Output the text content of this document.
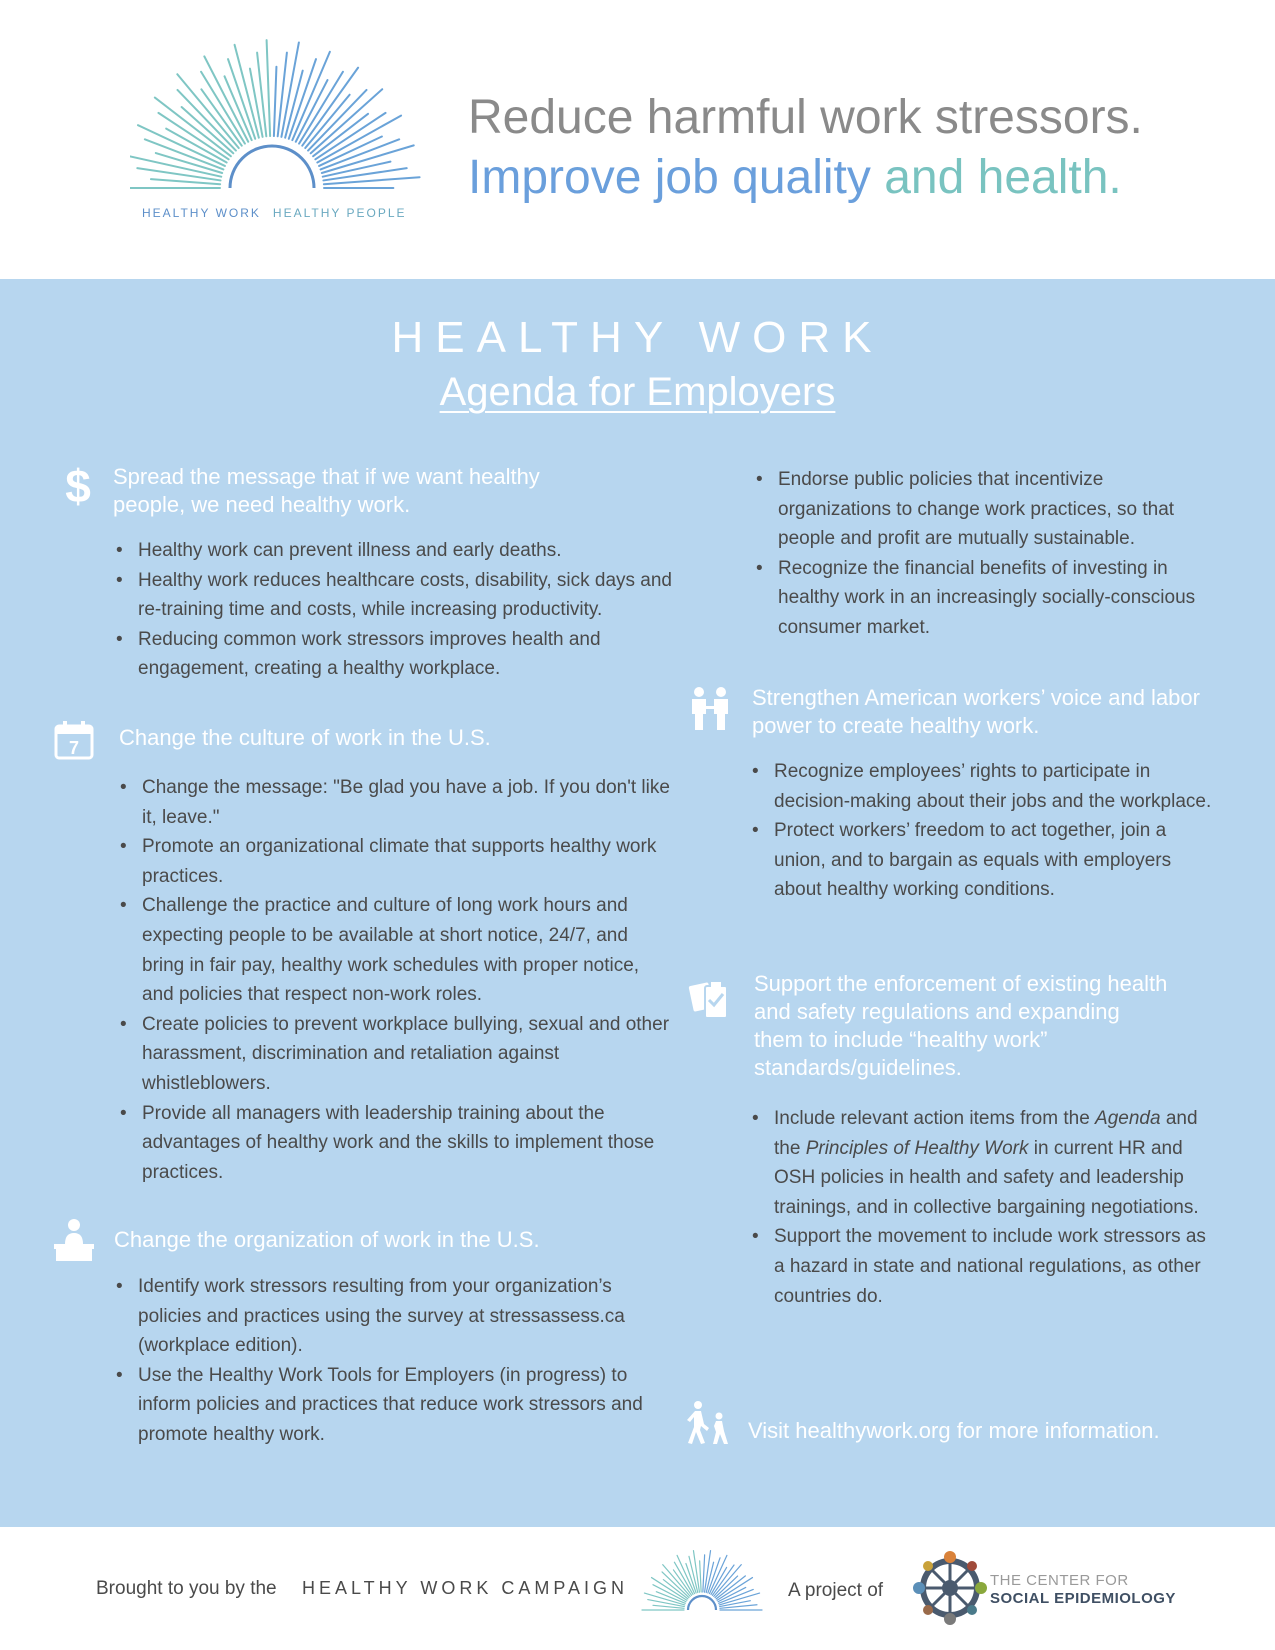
HEALTHY WORK HEALTHY PEOPLE
Reduce harmful work stressors.
Improve job quality and health.
HEALTHY WORK
Agenda for Employers
$ Spread the message that if we want healthy people, we need healthy work.
• Healthy work can prevent illness and early deaths.
• Healthy work reduces healthcare costs, disability, sick days and re-training time and costs, while increasing productivity.
• Reducing common work stressors improves health and engagement, creating a healthy workplace.
7 Change the culture of work in the U.S.
• Change the message: "Be glad you have a job. If you don't like it, leave."
• Promote an organizational climate that supports healthy work practices.
• Challenge the practice and culture of long work hours and expecting people to be available at short notice, 24/7, and bring in fair pay, healthy work schedules with proper notice, and policies that respect non-work roles.
• Create policies to prevent workplace bullying, sexual and other harassment, discrimination and retaliation against whistleblowers.
• Provide all managers with leadership training about the advantages of healthy work and the skills to implement those practices.
Change the organization of work in the U.S.
• Identify work stressors resulting from your organization’s policies and practices using the survey at stressassess.ca (workplace edition).
• Use the Healthy Work Tools for Employers (in progress) to inform policies and practices that reduce work stressors and promote healthy work.
• Endorse public policies that incentivize organizations to change work practices, so that people and profit are mutually sustainable.
• Recognize the financial benefits of investing in healthy work in an increasingly socially-conscious consumer market.
Strengthen American workers’ voice and labor power to create healthy work.
• Recognize employees’ rights to participate in decision-making about their jobs and the workplace.
• Protect workers’ freedom to act together, join a union, and to bargain as equals with employers about healthy working conditions.
Support the enforcement of existing health and safety regulations and expanding them to include “healthy work” standards/guidelines.
• Include relevant action items from the Agenda and the Principles of Healthy Work in current HR and OSH policies in health and safety and leadership trainings, and in collective bargaining negotiations.
• Support the movement to include work stressors as a hazard in state and national regulations, as other countries do.
Visit healthywork.org for more information.
Brought to you by the HEALTHY WORK CAMPAIGN	A project of	THE CENTER FOR
SOCIAL EPIDEMIOLOGY
